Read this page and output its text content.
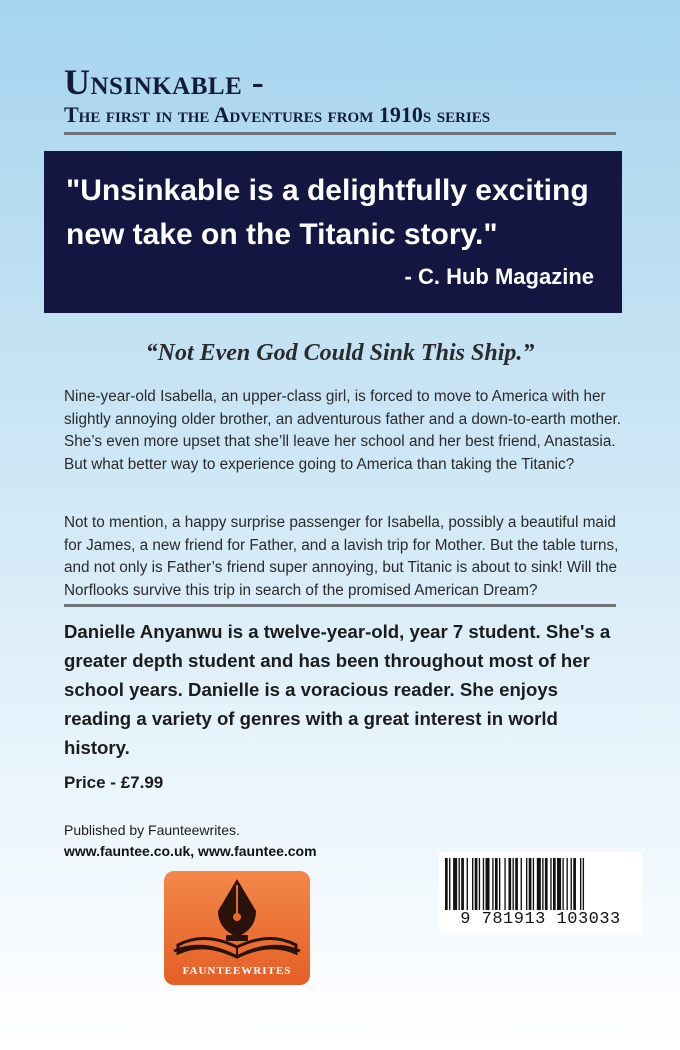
Unsinkable -
The first in the Adventures from 1910s series
"Unsinkable is a delightfully exciting new take on the Titanic story."
- C. Hub Magazine
“Not Even God Could Sink This Ship.”

Nine-year-old Isabella, an upper-class girl, is forced to move to America with her slightly annoying older brother, an adventurous father and a down-to-earth mother. She’s even more upset that she’ll leave her school and her best friend, Anastasia. But what better way to experience going to America than taking the Titanic?

Not to mention, a happy surprise passenger for Isabella, possibly a beautiful maid for James, a new friend for Father, and a lavish trip for Mother. But the table turns, and not only is Father’s friend super annoying, but Titanic is about to sink! Will the Norflooks survive this trip in search of the promised American Dream?

Danielle Anyanwu is a twelve-year-old, year 7 student. She's a greater depth student and has been throughout most of her school years. Danielle is a voracious reader. She enjoys reading a variety of genres with a great interest in world history.

Price - £7.99
Published by Faunteewrites.
www.fauntee.co.uk, www.fauntee.com
FAUNTEEWRITES
9 781913 103033
